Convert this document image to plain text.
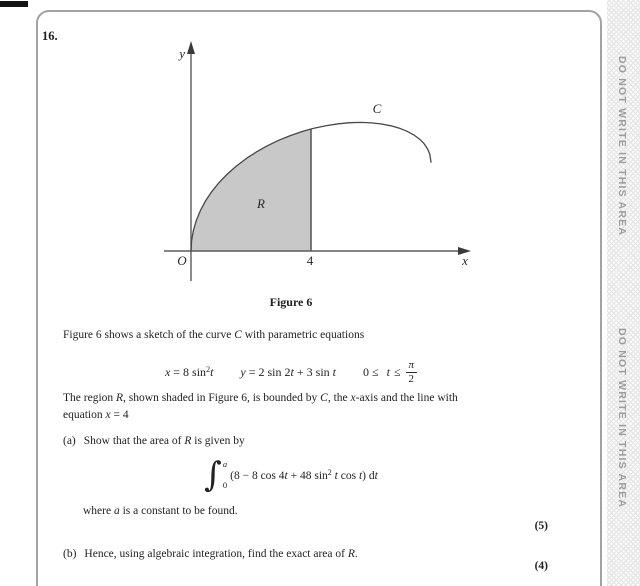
16.
y
x
O	4
C
R
Figure 6
Figure 6 shows a sketch of the curve C with parametric equations
x = 8 $\sin^2t$ y = 2 sin 2t + 3 sin t $0 \le t \le \frac{\pi}{2}$
The region R, shown shaded in Figure 6, is bounded by C, the x-axis and the line with
equation x = 4
(a) Show that the area of R is given by
∫ a
0
(8 − 8 cos 4t + 48 $\sin^2 t$ cos t) dt
where a is a constant to be found.
(5)
(b) Hence, using algebraic integration, find the exact area of R.
(4)
DO NOT WRITE IN THIS AREA
DO NOT WRITE IN THIS AREA
